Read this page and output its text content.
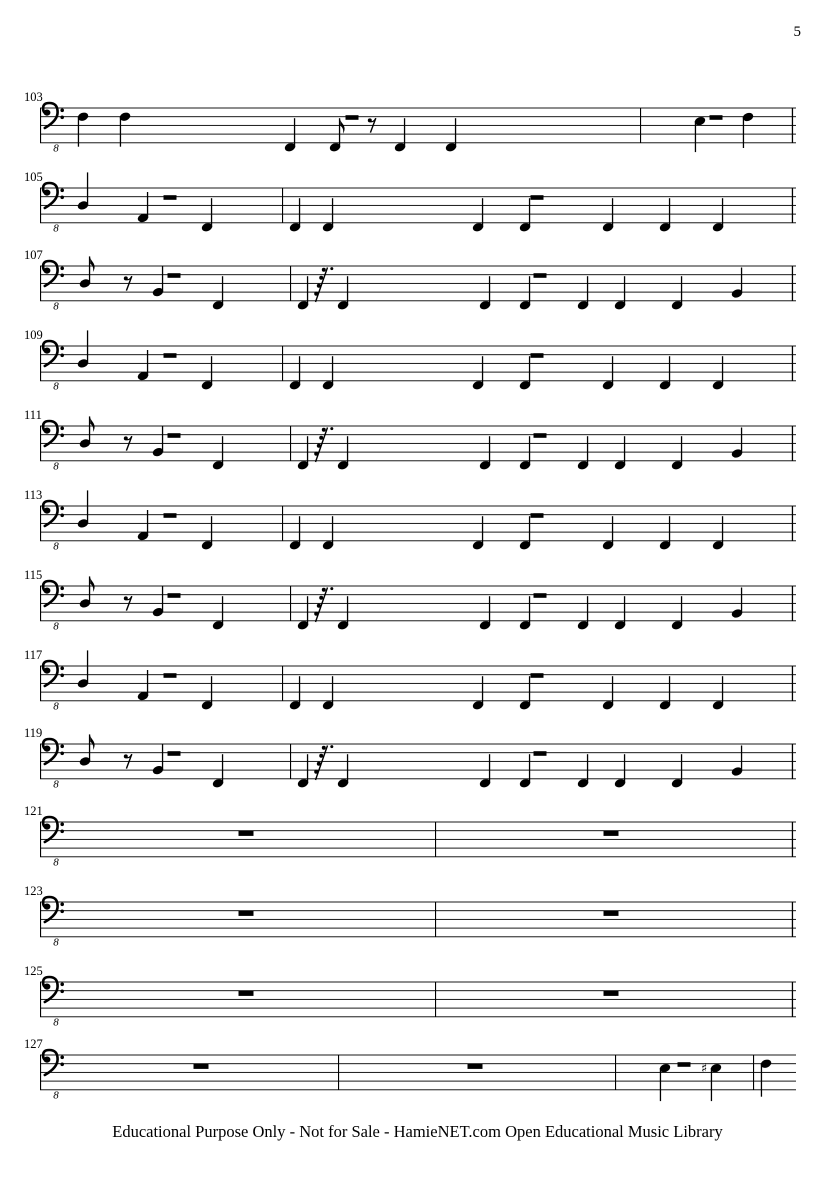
5
103
8
105
8
107
8
109
8
111
8
113
8
115
8
117
8
119
8
121
8
123
8
125
8
127
8
♯
Educational Purpose Only - Not for Sale - HamieNET.com Open Educational Music Library
